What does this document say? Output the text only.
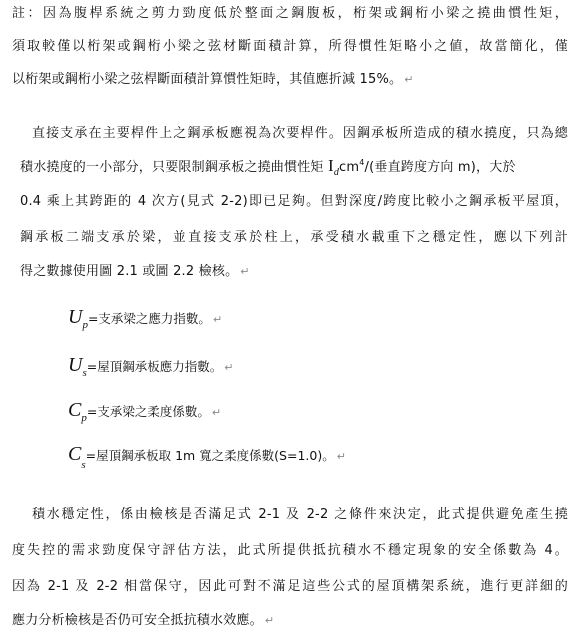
註：因為腹桿系統之剪力勁度低於整面之鋼腹板，桁架或鋼桁小梁之撓曲慣性矩，
須取較僅以桁架或鋼桁小梁之弦材斷面積計算，所得慣性矩略小之値，故當簡化，僅
以桁架或鋼桁小梁之弦桿斷面積計算慣性矩時，其值應折減 15%。 ↵
直接支承在主要桿件上之鋼承板應視為次要桿件。因鋼承板所造成的積水撓度，只為總
積水撓度的一小部分，只要限制鋼承板之撓曲慣性矩 $I_dcm^4/$(垂直跨度方向 m)，大於
0.4 乘上其跨距的 4 次方(見式 2-2)即已足夠。但對深度/跨度比較小之鋼承板平屋頂，
鋼承板二端支承於梁，並直接支承於柱上，承受積水載重下之穩定性，應以下列計
得之數據使用圖 2.1 或圖 2.2 檢核。 ↵
Up=支承梁之應力指數。 ↵
Us=屋頂鋼承板應力指數。 ↵
Cp=支承梁之柔度係數。 ↵
Cs=屋頂鋼承板取 1m 寬之柔度係數(S=1.0)。 ↵
積水穩定性，係由檢核是否滿足式 2-1 及 2-2 之條件來決定，此式提供避免產生撓
度失控的需求勁度保守評估方法，此式所提供抵抗積水不穩定現象的安全係數為 4。
因為 2-1 及 2-2 相當保守，因此可對不滿足這些公式的屋頂構架系統，進行更詳細的
應力分析檢核是否仍可安全抵抗積水效應。 ↵
